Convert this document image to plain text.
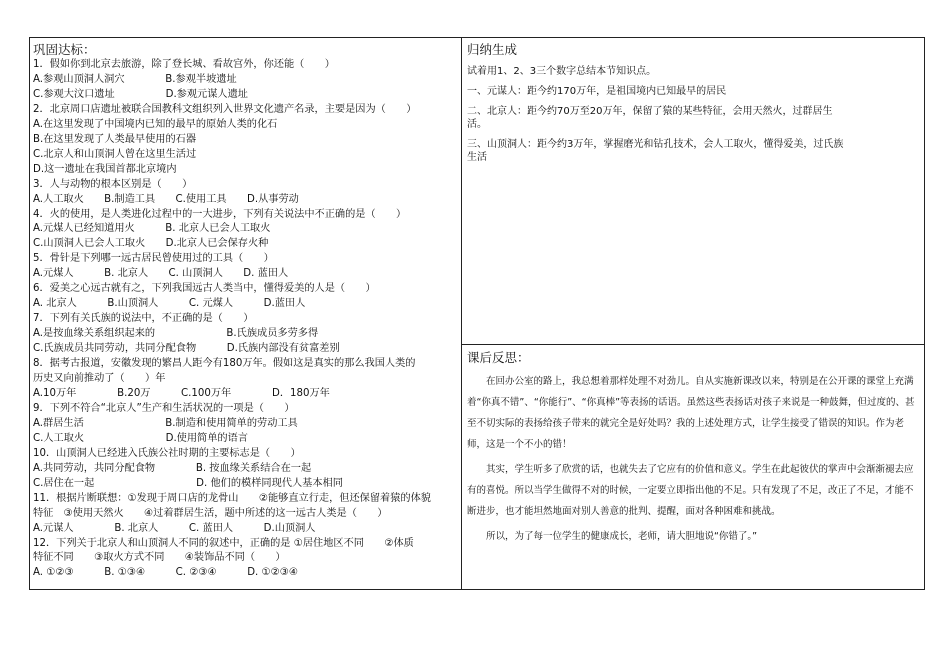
巩固达标：
1．假如你到北京去旅游，除了登长城、看故宫外，你还能（　　）
A.参观山顶洞人洞穴　　　　B.参观半坡遗址
C.参观大汶口遗址　　　　　D.参观元谋人遗址
2．北京周口店遗址被联合国教科文组织列入世界文化遗产名录，主要是因为（　　）
A.在这里发现了中国境内已知的最早的原始人类的化石
B.在这里发现了人类最早使用的石器
C.北京人和山顶洞人曾在这里生活过
D.这一遗址在我国首都北京境内
3．人与动物的根本区别是（　　）
A.人工取火　　B.制造工具　　C.使用工具　　D.从事劳动
4．火的使用，是人类进化过程中的一大进步，下列有关说法中不正确的是（　　）
A.元煤人已经知道用火　　　B. 北京人已会人工取火
C.山顶洞人已会人工取火　　D.北京人已会保存火种
5．骨针是下列哪一远古居民曾使用过的工具（　　）
A.元煤人　　　B. 北京人　　C. 山顶洞人　　D. 蓝田人
6．爱美之心远古就有之，下列我国远古人类当中，懂得爱美的人是（　　）
A. 北京人　　　B.山顶洞人　　　C. 元煤人　　　D.蓝田人
7．下列有关氏族的说法中，不正确的是（　　）
A.是按血缘关系组织起来的　　　　　　　B.氏族成员多劳多得
C.氏族成员共同劳动，共同分配食物　　　D.氏族内部没有贫富差别
8．据考古报道，安徽发现的繁昌人距今有180万年。假如这是真实的那么我国人类的
历史又向前推动了（　　）年
A.10万年　　　　B.20万　　　C.100万年　　　　D．180万年
9．下列不符合“北京人”生产和生活状况的一项是（　　）
A.群居生活　　　　　　　　B.制造和使用简单的劳动工具
C.人工取火　　　　　　　　D.使用简单的语言
10．山顶洞人已经进入氏族公社时期的主要标志是（　　）
A.共同劳动，共同分配食物　　　　B. 按血缘关系结合在一起
C.居住在一起　　　　　　　　　　D. 他们的模样同现代人基本相同
11．根据片断联想：①发现于周口店的龙骨山　　②能够直立行走，但还保留着猿的体貌
特征　③使用天然火　　④过着群居生活，题中所述的这一远古人类是（　　）
A.元谋人　　　　B. 北京人　　　C. 蓝田人　　　D.山顶洞人
12．下列关于北京人和山顶洞人不同的叙述中，正确的是 ①居住地区不同　　②体质
特征不同　　③取火方式不同　　④装饰品不同（　　）
A. ①②③　　　B. ①③④　　　C. ②③④　　　D. ①②③④
归纳生成
试着用1、2、3三个数字总结本节知识点。
一、元谋人：距今约170万年，是祖国境内已知最早的居民
二、北京人：距今约70万至20万年，保留了猿的某些特征，会用天然火，过群居生
活。
三、山顶洞人：距今约3万年，掌握磨光和钻孔技术，会人工取火，懂得爱美，过氏族
生活
课后反思：
在回办公室的路上，我总想着那样处理不对劲儿。自从实施新课改以来，特别是在公开课的课堂上充满着“你真不错”、“你能行”、“你真棒”等表扬的话语。虽然这些表扬话对孩子来说是一种鼓舞，但过度的、甚至不切实际的表扬给孩子带来的就完全是好处吗？我的上述处理方式，让学生接受了错误的知识。作为老师，这是一个不小的错！
其实，学生听多了欣赏的话，也就失去了它应有的价值和意义。学生在此起彼伏的掌声中会渐渐褪去应有的喜悦。所以当学生做得不对的时候，一定要立即指出他的不足。只有发现了不足，改正了不足，才能不断进步，也才能坦然地面对别人善意的批判、提醒，面对各种困难和挑战。
所以，为了每一位学生的健康成长，老师，请大胆地说“你错了。”
